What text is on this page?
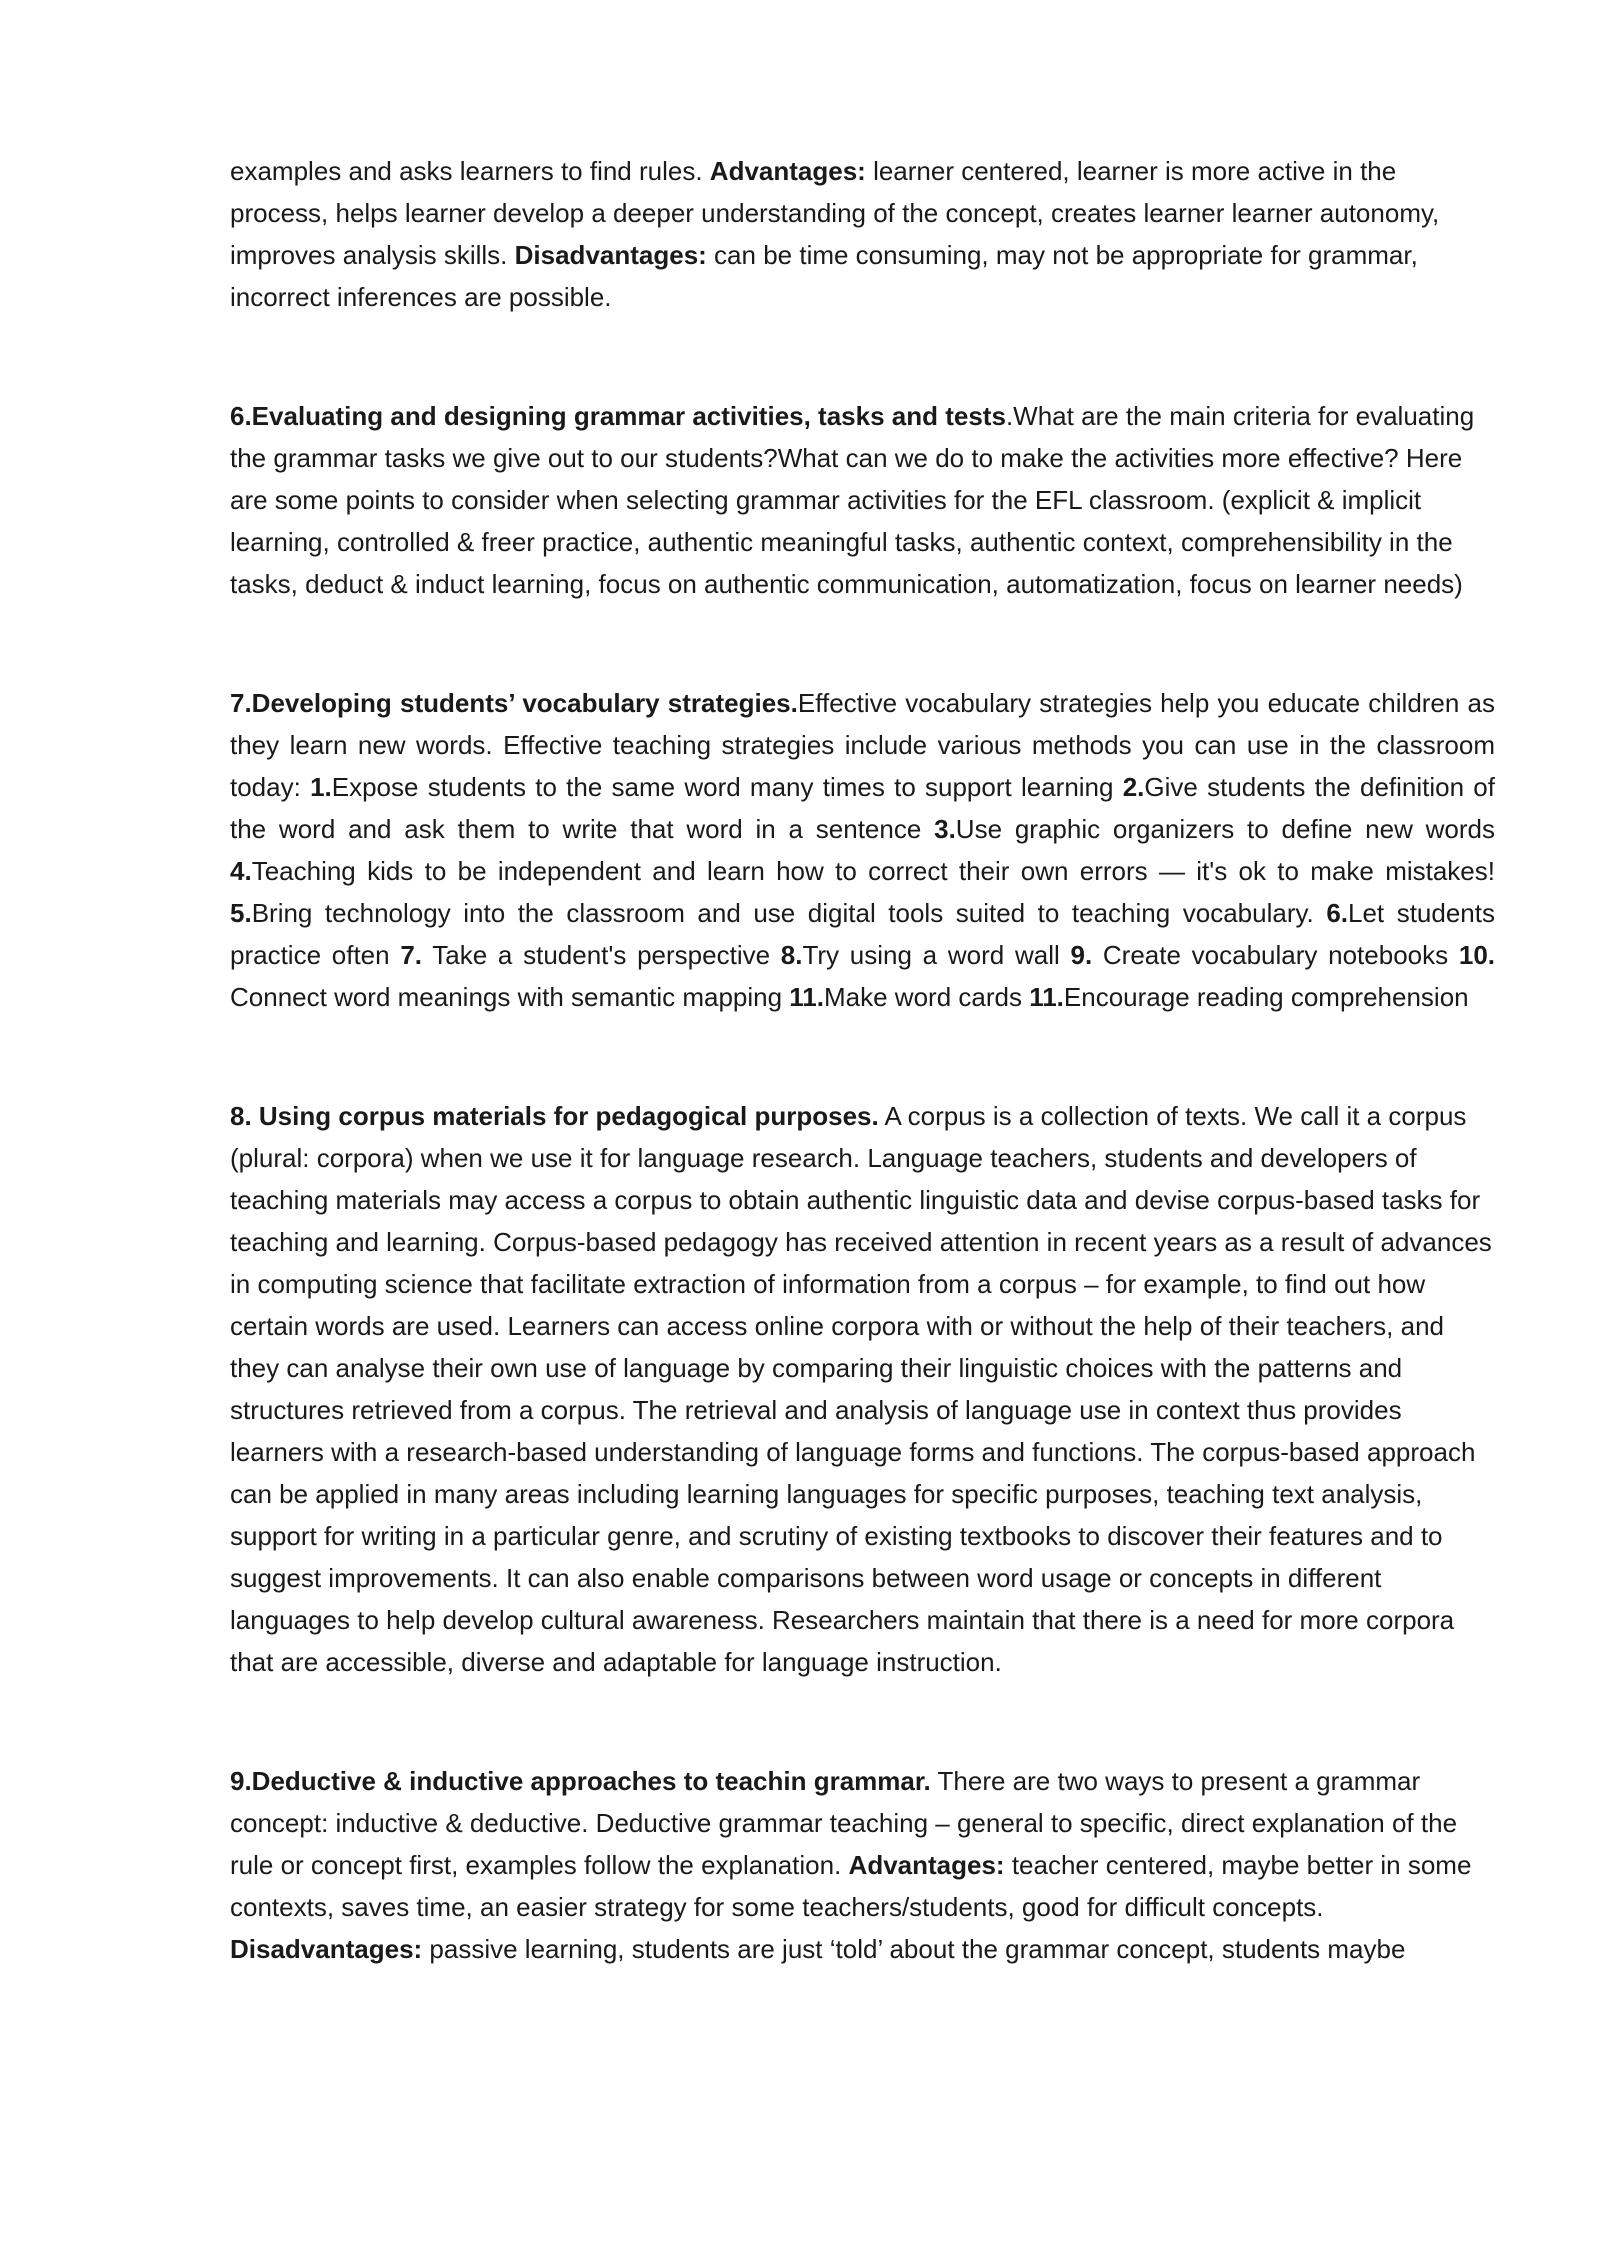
examples and asks learners to find rules. Advantages: learner centered, learner is more active in the process, helps learner develop a deeper understanding of the concept, creates learner learner autonomy, improves analysis skills. Disadvantages: can be time consuming, may not be appropriate for grammar, incorrect inferences are possible.

6.Evaluating and designing grammar activities, tasks and tests.What are the main criteria for evaluating the grammar tasks we give out to our students?What can we do to make the activities more effective? Here are some points to consider when selecting grammar activities for the EFL classroom. (explicit & implicit learning, controlled & freer practice, authentic meaningful tasks, authentic context, comprehensibility in the tasks, deduct & induct learning, focus on authentic communication, automatization, focus on learner needs)

7.Developing students’ vocabulary strategies.Effective vocabulary strategies help you educate children as they learn new words. Effective teaching strategies include various methods you can use in the classroom today: 1.Expose students to the same word many times to support learning 2.Give students the definition of the word and ask them to write that word in a sentence 3.Use graphic organizers to define new words 4.Teaching kids to be independent and learn how to correct their own errors — it's ok to make mistakes! 5.Bring technology into the classroom and use digital tools suited to teaching vocabulary. 6.Let students practice often 7. Take a student's perspective 8.Try using a word wall 9. Create vocabulary notebooks 10. Connect word meanings with semantic mapping 11.Make word cards 11.Encourage reading comprehension

8. Using corpus materials for pedagogical purposes. A corpus is a collection of texts. We call it a corpus (plural: corpora) when we use it for language research. Language teachers, students and developers of teaching materials may access a corpus to obtain authentic linguistic data and devise corpus-based tasks for teaching and learning. Corpus-based pedagogy has received attention in recent years as a result of advances in computing science that facilitate extraction of information from a corpus – for example, to find out how certain words are used. Learners can access online corpora with or without the help of their teachers, and they can analyse their own use of language by comparing their linguistic choices with the patterns and structures retrieved from a corpus. The retrieval and analysis of language use in context thus provides learners with a research-based understanding of language forms and functions. The corpus-based approach can be applied in many areas including learning languages for specific purposes, teaching text analysis, support for writing in a particular genre, and scrutiny of existing textbooks to discover their features and to suggest improvements. It can also enable comparisons between word usage or concepts in different languages to help develop cultural awareness. Researchers maintain that there is a need for more corpora that are accessible, diverse and adaptable for language instruction.

9.Deductive & inductive approaches to teachin grammar. There are two ways to present a grammar concept: inductive & deductive. Deductive grammar teaching – general to specific, direct explanation of the rule or concept first, examples follow the explanation. Advantages: teacher centered, maybe better in some contexts, saves time, an easier strategy for some teachers/students, good for difficult concepts. Disadvantages: passive learning, students are just ‘told’ about the grammar concept, students maybe
